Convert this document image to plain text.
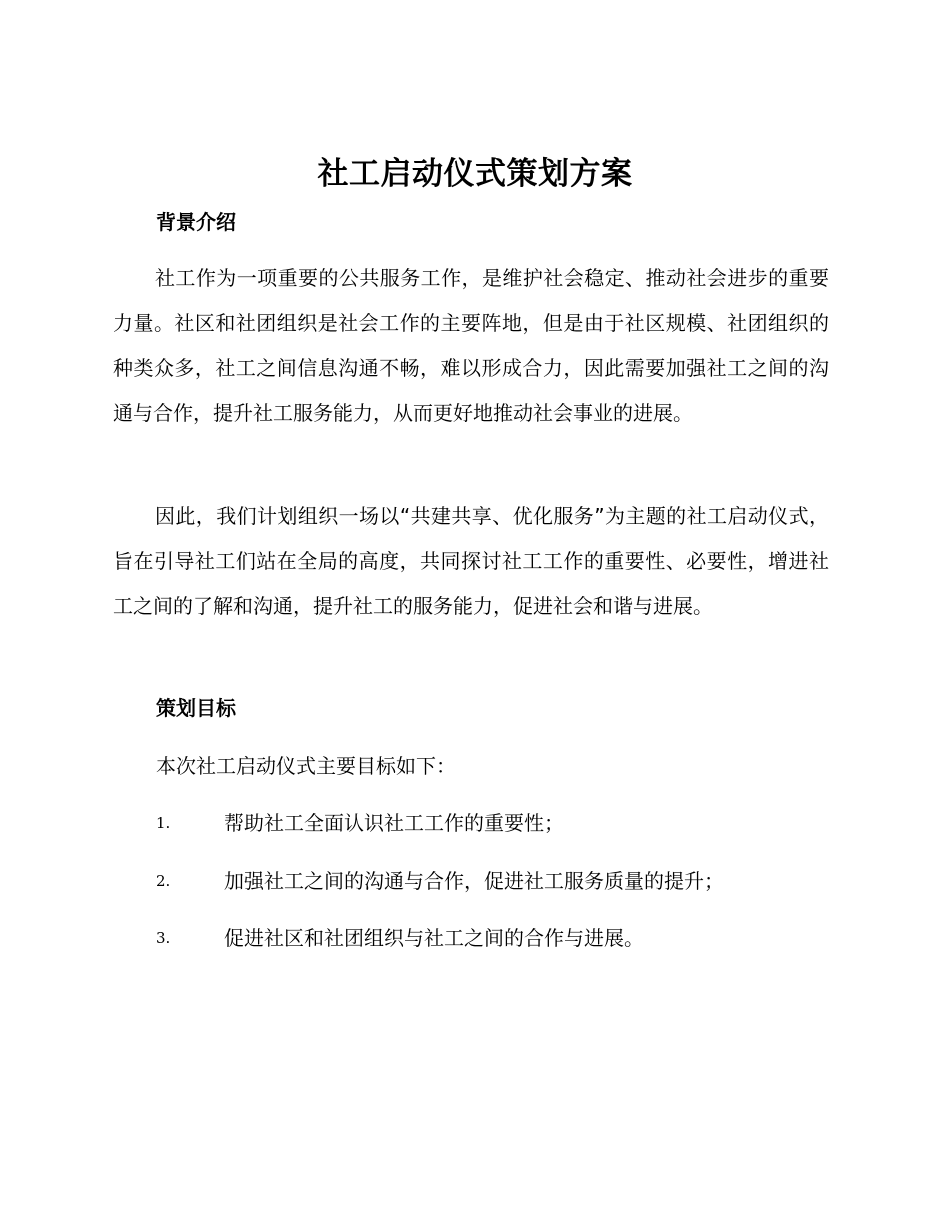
社工启动仪式策划方案
背景介绍
社工作为一项重要的公共服务工作，是维护社会稳定、推动社会进步的重要力量。社区和社团组织是社会工作的主要阵地，但是由于社区规模、社团组织的种类众多，社工之间信息沟通不畅，难以形成合力，因此需要加强社工之间的沟通与合作，提升社工服务能力，从而更好地推动社会事业的进展。
因此，我们计划组织一场以“共建共享、优化服务”为主题的社工启动仪式，旨在引导社工们站在全局的高度，共同探讨社工工作的重要性、必要性，增进社工之间的了解和沟通，提升社工的服务能力，促进社会和谐与进展。
策划目标
本次社工启动仪式主要目标如下：
1.	帮助社工全面认识社工工作的重要性；
2.	加强社工之间的沟通与合作，促进社工服务质量的提升；
3.	促进社区和社团组织与社工之间的合作与进展。
